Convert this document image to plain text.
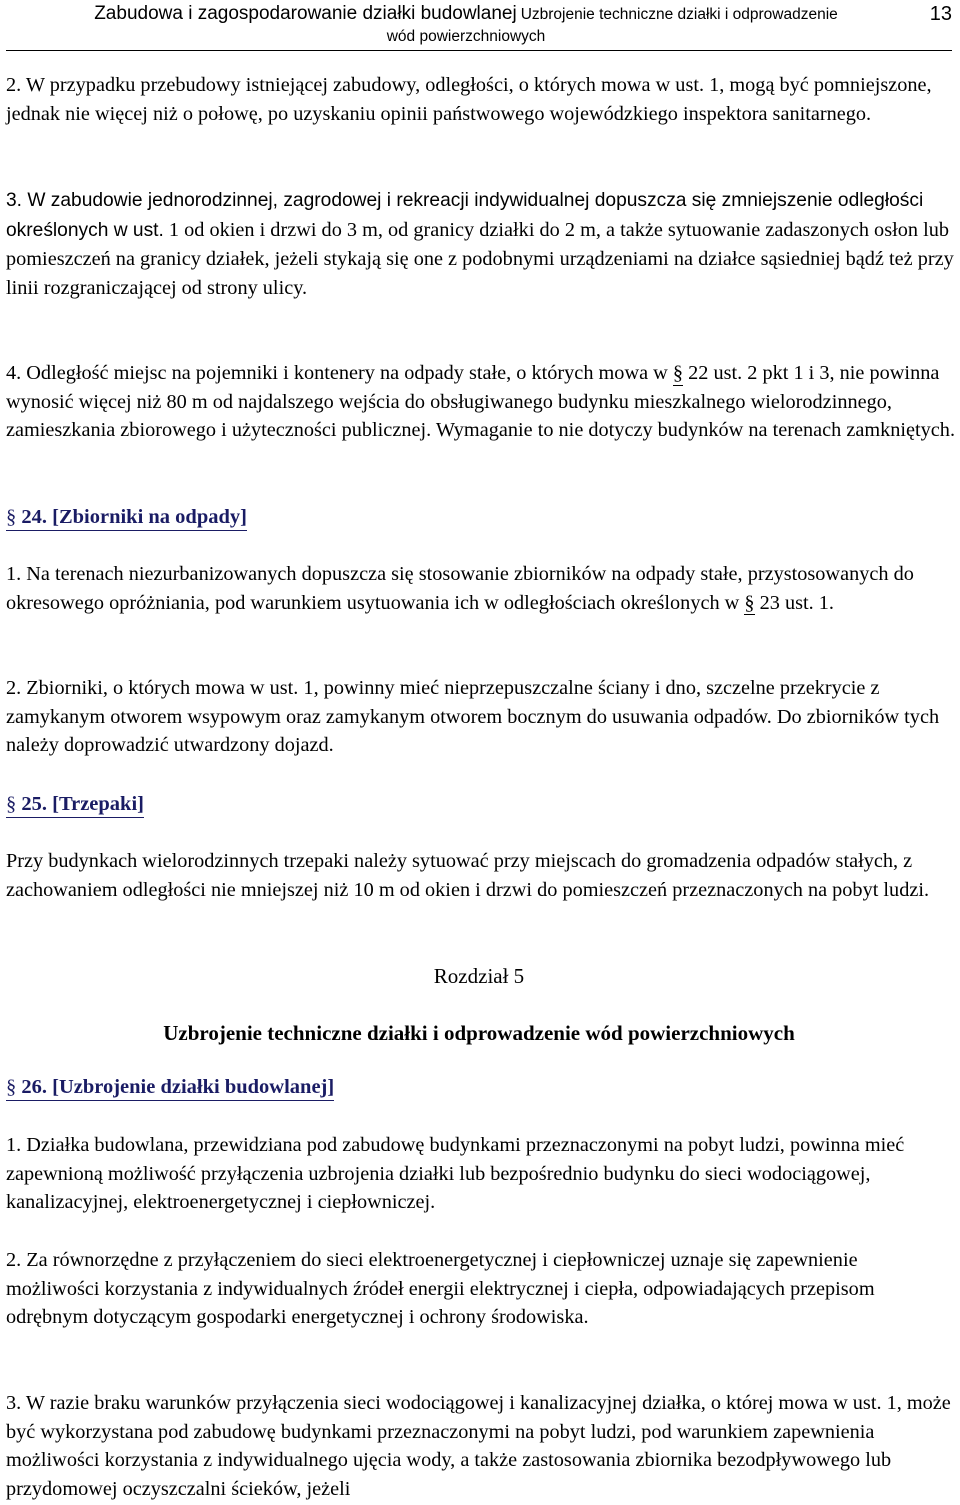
Zabudowa i zagospodarowanie działki budowlanej Uzbrojenie techniczne działki i odprowadzenie
wód powierzchniowych
13
2. W przypadku przebudowy istniejącej zabudowy, odległości, o których mowa w ust. 1, mogą być pomniejszone, jednak nie więcej niż o połowę, po uzyskaniu opinii państwowego wojewódzkiego inspektora sanitarnego.
3. W zabudowie jednorodzinnej, zagrodowej i rekreacji indywidualnej dopuszcza się zmniejszenie odległości określonych w ust. 1 od okien i drzwi do 3 m, od granicy działki do 2 m, a także sytuowanie zadaszonych osłon lub pomieszczeń na granicy działek, jeżeli stykają się one z podobnymi urządzeniami na działce sąsiedniej bądź też przy linii rozgraniczającej od strony ulicy.
4. Odległość miejsc na pojemniki i kontenery na odpady stałe, o których mowa w § 22 ust. 2 pkt 1 i 3, nie powinna wynosić więcej niż 80 m od najdalszego wejścia do obsługiwanego budynku mieszkalnego wielorodzinnego, zamieszkania zbiorowego i użyteczności publicznej. Wymaganie to nie dotyczy budynków na terenach zamkniętych.
§ 24. [Zbiorniki na odpady]
1. Na terenach niezurbanizowanych dopuszcza się stosowanie zbiorników na odpady stałe, przystosowanych do okresowego opróżniania, pod warunkiem usytuowania ich w odległościach określonych w § 23 ust. 1.
2. Zbiorniki, o których mowa w ust. 1, powinny mieć nieprzepuszczalne ściany i dno, szczelne przekrycie z zamykanym otworem wsypowym oraz zamykanym otworem bocznym do usuwania odpadów. Do zbiorników tych należy doprowadzić utwardzony dojazd.
§ 25. [Trzepaki]
Przy budynkach wielorodzinnych trzepaki należy sytuować przy miejscach do gromadzenia odpadów stałych, z zachowaniem odległości nie mniejszej niż 10 m od okien i drzwi do pomieszczeń przeznaczonych na pobyt ludzi.
Rozdział 5
Uzbrojenie techniczne działki i odprowadzenie wód powierzchniowych
§ 26. [Uzbrojenie działki budowlanej]
1. Działka budowlana, przewidziana pod zabudowę budynkami przeznaczonymi na pobyt ludzi, powinna mieć zapewnioną możliwość przyłączenia uzbrojenia działki lub bezpośrednio budynku do sieci wodociągowej, kanalizacyjnej, elektroenergetycznej i ciepłowniczej.
2. Za równorzędne z przyłączeniem do sieci elektroenergetycznej i ciepłowniczej uznaje się zapewnienie możliwości korzystania z indywidualnych źródeł energii elektrycznej i ciepła, odpowiadających przepisom odrębnym dotyczącym gospodarki energetycznej i ochrony środowiska.
3. W razie braku warunków przyłączenia sieci wodociągowej i kanalizacyjnej działka, o której mowa w ust. 1, może być wykorzystana pod zabudowę budynkami przeznaczonymi na pobyt ludzi, pod warunkiem zapewnienia możliwości korzystania z indywidualnego ujęcia wody, a także zastosowania zbiornika bezodpływowego lub przydomowej oczyszczalni ścieków, jeżeli
